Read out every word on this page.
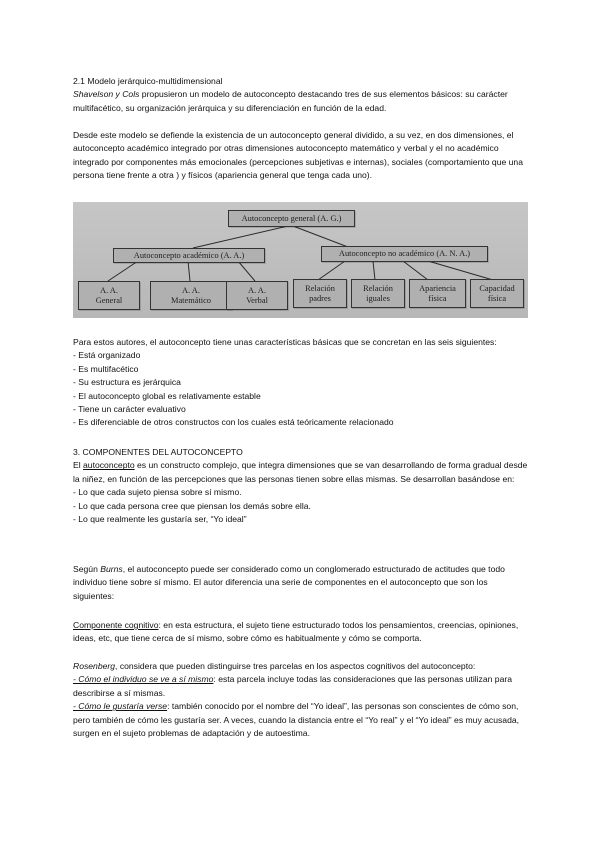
2.1 Modelo jerárquico-multidimensional

Shavelson y Cols propusieron un modelo de autoconcepto destacando tres de sus elementos básicos: su carácter multifacético, su organización jerárquica y su diferenciación en función de la edad.

Desde este modelo se defiende la existencia de un autoconcepto general dividido, a su vez, en dos dimensiones, el autoconcepto académico integrado por otras dimensiones autoconcepto matemático y verbal y el no académico integrado por componentes más emocionales (percepciones subjetivas e internas), sociales (comportamiento que una persona tiene frente a otra ) y físicos (apariencia general que tenga cada uno).

Autoconcepto general (A. G.)
Autoconcepto académico (A. A.)	Autoconcepto no académico (A. N. A.)
A. A.
General
A. A.
Matemático
A. A.
Verbal
Relación
padres
Relación
iguales
Apariencia
física
Capacidad
física

Para estos autores, el autoconcepto tiene unas características básicas que se concretan en las seis siguientes:

- Está organizado

- Es multifacético

- Su estructura es jerárquica

- El autoconcepto global es relativamente estable

- Tiene un carácter evaluativo

- Es diferenciable de otros constructos con los cuales está teóricamente relacionado

3. COMPONENTES DEL AUTOCONCEPTO

El autoconcepto es un constructo complejo, que integra dimensiones que se van desarrollando de forma gradual desde la niñez, en función de las percepciones que las personas tienen sobre ellas mismas. Se desarrollan basándose en:

- Lo que cada sujeto piensa sobre sí mismo.

- Lo que cada persona cree que piensan los demás sobre ella.

- Lo que realmente les gustaría ser, “Yo ideal”

Según Burns, el autoconcepto puede ser considerado como un conglomerado estructurado de actitudes que todo individuo tiene sobre sí mismo. El autor diferencia una serie de componentes en el autoconcepto que son los siguientes:

Componente cognitivo: en esta estructura, el sujeto tiene estructurado todos los pensamientos, creencias, opiniones, ideas, etc, que tiene cerca de sí mismo, sobre cómo es habitualmente y cómo se comporta.

Rosenberg, considera que pueden distinguirse tres parcelas en los aspectos cognitivos del autoconcepto:

- Cómo el individuo se ve a sí mismo: esta parcela incluye todas las consideraciones que las personas utilizan para describirse a sí mismas.

- Cómo le gustaría verse: también conocido por el nombre del “Yo ideal”, las personas son conscientes de cómo son, pero también de cómo les gustaría ser. A veces, cuando la distancia entre el “Yo real” y el “Yo ideal” es muy acusada, surgen en el sujeto problemas de adaptación y de autoestima.
